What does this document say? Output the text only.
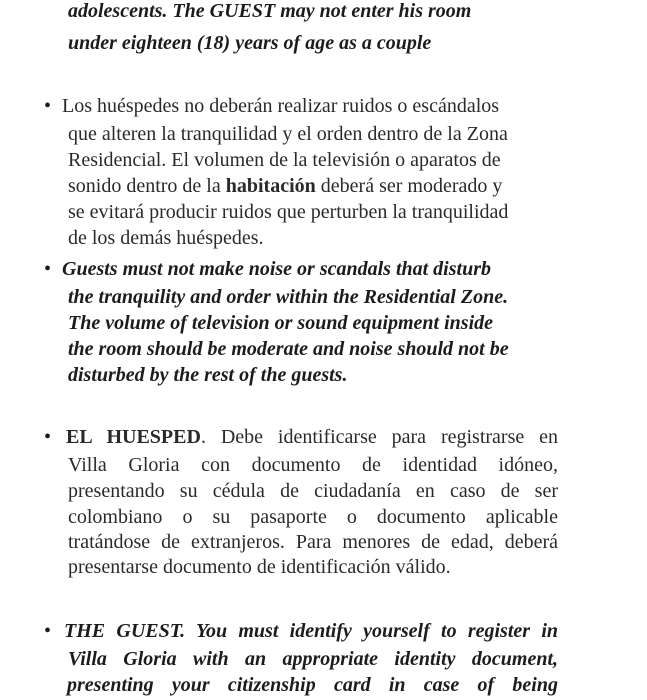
adolescents. The GUEST may not enter his room
under eighteen (18) years of age as a couple
• Los huéspedes no deberán realizar ruidos o escándalos
que alteren la tranquilidad y el orden dentro de la Zona
Residencial. El volumen de la televisión o aparatos de
sonido dentro de la habitación deberá ser moderado y
se evitará producir ruidos que perturben la tranquilidad
de los demás huéspedes.
• Guests must not make noise or scandals that disturb
the tranquility and order within the Residential Zone.
The volume of television or sound equipment inside
the room should be moderate and noise should not be
disturbed by the rest of the guests.
• EL HUESPED. Debe identificarse para registrarse en
Villa Gloria con documento de identidad idóneo,
presentando su cédula de ciudadanía en caso de ser
colombiano o su pasaporte o documento aplicable
tratándose de extranjeros. Para menores de edad, deberá
presentarse documento de identificación válido.
• THE GUEST. You must identify yourself to register in
Villa Gloria with an appropriate identity document,
presenting your citizenship card in case of being
